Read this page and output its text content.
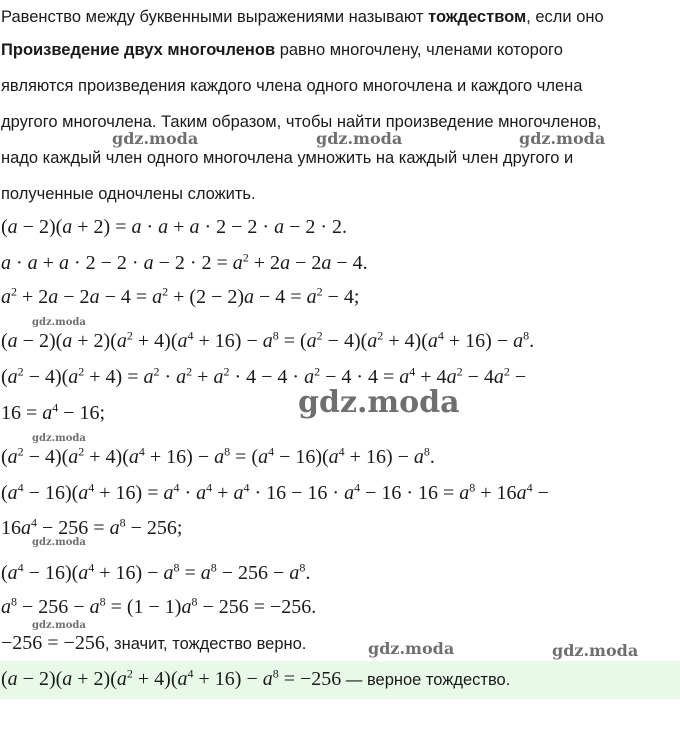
Равенство между буквенными выражениями называют тождеством, если оно
Произведение двух многочленов равно многочлену, членами которого
являются произведения каждого члена одного многочлена и каждого члена
другого многочлена. Таким образом, чтобы найти произведение многочленов,
надо каждый член одного многочлена умножить на каждый член другого и
полученные одночлены сложить.
(a − 2)(a + 2) = a · a + a · 2 − 2 · a − 2 · 2.
$a \cdot a + a \cdot 2 - 2 \cdot a - 2 \cdot 2 = a^2 + 2a - 2a - 4$.
$a^2 + 2a - 2a - 4 = a^2 + (2 - 2)a - 4 = a^2 - 4$;
$(a - 2)(a + 2)(a^2 + 4)(a^4 + 16) - a^8 = (a^2 - 4)(a^2 + 4)(a^4 + 16) - a^8$.
$(a^2 - 4)(a^2 + 4) = a^2 \cdot a^2 + a^2 \cdot 4 - 4 \cdot a^2 - 4 \cdot 4 = a^4 + 4a^2 - 4a^2$ −
$16 = a^4 - 16$;
$(a^2 - 4)(a^2 + 4)(a^4 + 16) - a^8 = (a^4 - 16)(a^4 + 16) - a^8$.
$(a^4 - 16)(a^4 + 16) = a^4 \cdot a^4 + a^4 \cdot 16 - 16 \cdot a^4 - 16 \cdot 16 = a^8 + 16a^4$ −
$16a^4 - 256 = a^8 - 256$;
$(a^4 - 16)(a^4 + 16) - a^8 = a^8 - 256 - a^8$.
$a^8 - 256 - a^8 = (1 - 1)a^8 - 256 = -256$.
−256 = −256, значит, тождество верно.
$(a - 2)(a + 2)(a^2 + 4)(a^4 + 16) - a^8 = -256$ — верное тождество.
gdz.moda	gdz.moda	gdz.moda
gdz.moda
gdz.moda
gdz.moda
gdz.moda
gdz.moda
gdz.moda	gdz.moda
